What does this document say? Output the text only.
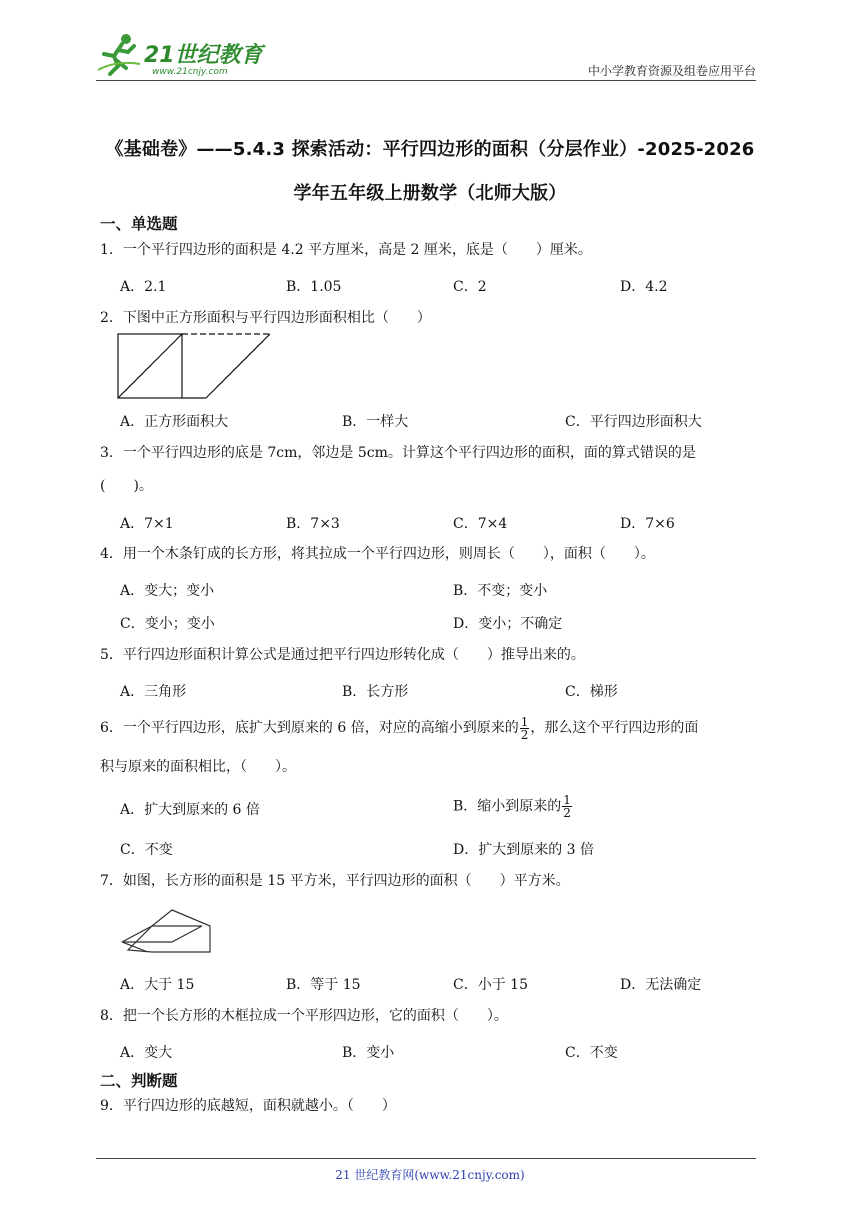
21世纪教育
www.21cnjy.com	中小学教育资源及组卷应用平台
《基础卷》——5.4.3 探索活动：平行四边形的面积（分层作业）-2025-2026
学年五年级上册数学（北师大版）
一、单选题
1．一个平行四边形的面积是 4.2 平方厘米，高是 2 厘米，底是（　　）厘米。
A．2.1	B．1.05	C．2	D．4.2
2．下图中正方形面积与平行四边形面积相比（　　）
A．正方形面积大	B．一样大	C．平行四边形面积大
3．一个平行四边形的底是 7cm，邻边是 5cm。计算这个平行四边形的面积，面的算式错误的是
(　　)。
A．7×1	B．7×3	C．7×4	D．7×6
4．用一个木条钉成的长方形，将其拉成一个平行四边形，则周长（　　），面积（　　）。
A．变大；变小	B．不变；变小
C．变小；变小	D．变小；不确定
5．平行四边形面积计算公式是通过把平行四边形转化成（　　）推导出来的。
A．三角形	B．长方形	C．梯形
6．一个平行四边形，底扩大到原来的 6 倍，对应的高缩小到原来的 $\frac{1}{2}$ ，那么这个平行四边形的面
积与原来的面积相比，（　　）。
A．扩大到原来的 6 倍	B．缩小到原来的 $\frac{1}{2}$
C．不变	D．扩大到原来的 3 倍
7．如图，长方形的面积是 15 平方米，平行四边形的面积（　　）平方米。
A．大于 15	B．等于 15	C．小于 15	D．无法确定
8．把一个长方形的木框拉成一个平形四边形，它的面积（　　）。
A．变大	B．变小	C．不变
二、判断题
9．平行四边形的底越短，面积就越小。（　　）
21 世纪教育网(www.21cnjy.com)
